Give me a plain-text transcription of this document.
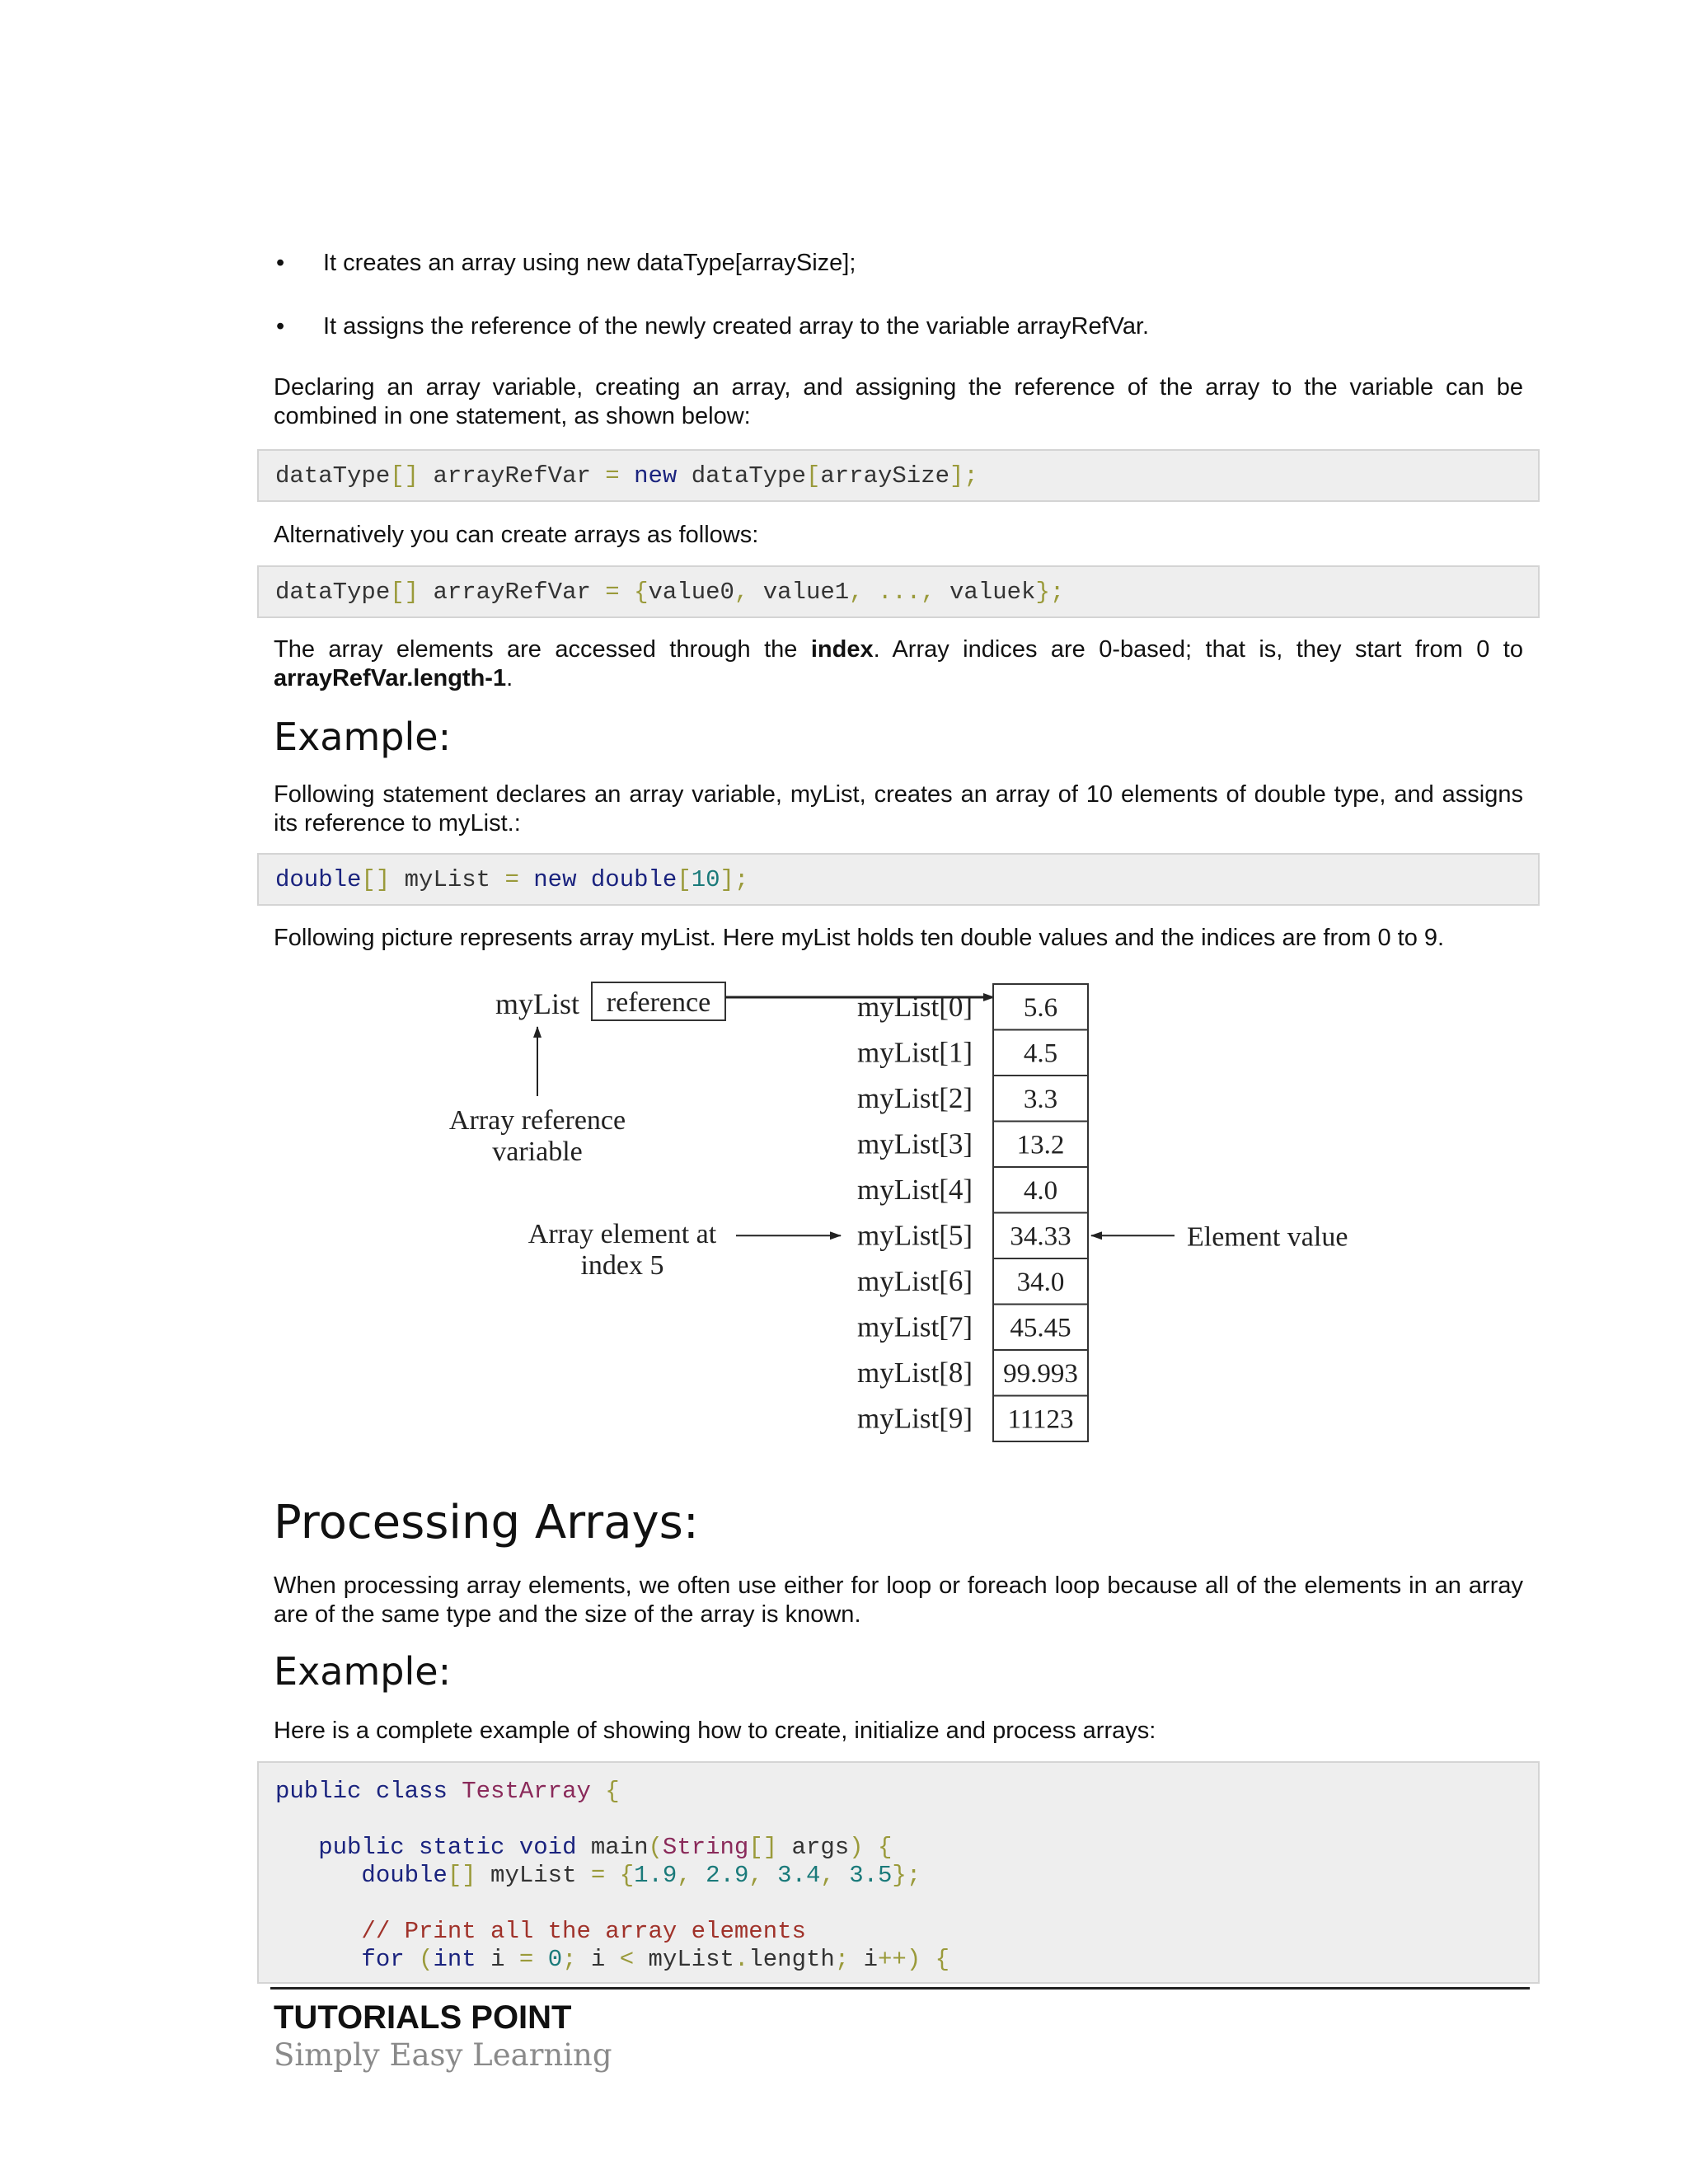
• It creates an array using new dataType[arraySize];
• It assigns the reference of the newly created array to the variable arrayRefVar.

Declaring an array variable, creating an array, and assigning the reference of the array to the variable can be combined in one statement, as shown below:

dataType[] arrayRefVar = new dataType[arraySize];

Alternatively you can create arrays as follows:

dataType[] arrayRefVar = {value0, value1, ..., valuek};

The array elements are accessed through the index. Array indices are 0-based; that is, they start from 0 to arrayRefVar.length-1.

Example:

Following statement declares an array variable, myList, creates an array of 10 elements of double type, and assigns its reference to myList.:

double[] myList = new double[10];

Following picture represents array myList. Here myList holds ten double values and the indices are from 0 to 9.

myList reference
Array reference
variable
Array element at
index 5
Element value
myList[0] 5.6
myList[1] 4.5
myList[2] 3.3
myList[3] 13.2
myList[4] 4.0
myList[5] 34.33
myList[6] 34.0
myList[7] 45.45
myList[8] 99.993
myList[9] 11123
Processing Arrays:

When processing array elements, we often use either for loop or foreach loop because all of the elements in an array are of the same type and the size of the array is known.

Example:

Here is a complete example of showing how to create, initialize and process arrays:

public class TestArray {

public static void main(String[] args) {
double[] myList = {1.9, 2.9, 3.4, 3.5};

// Print all the array elements
for (int i = 0; i < myList.length; i++) {
TUTORIALS POINT
Simply Easy Learning
